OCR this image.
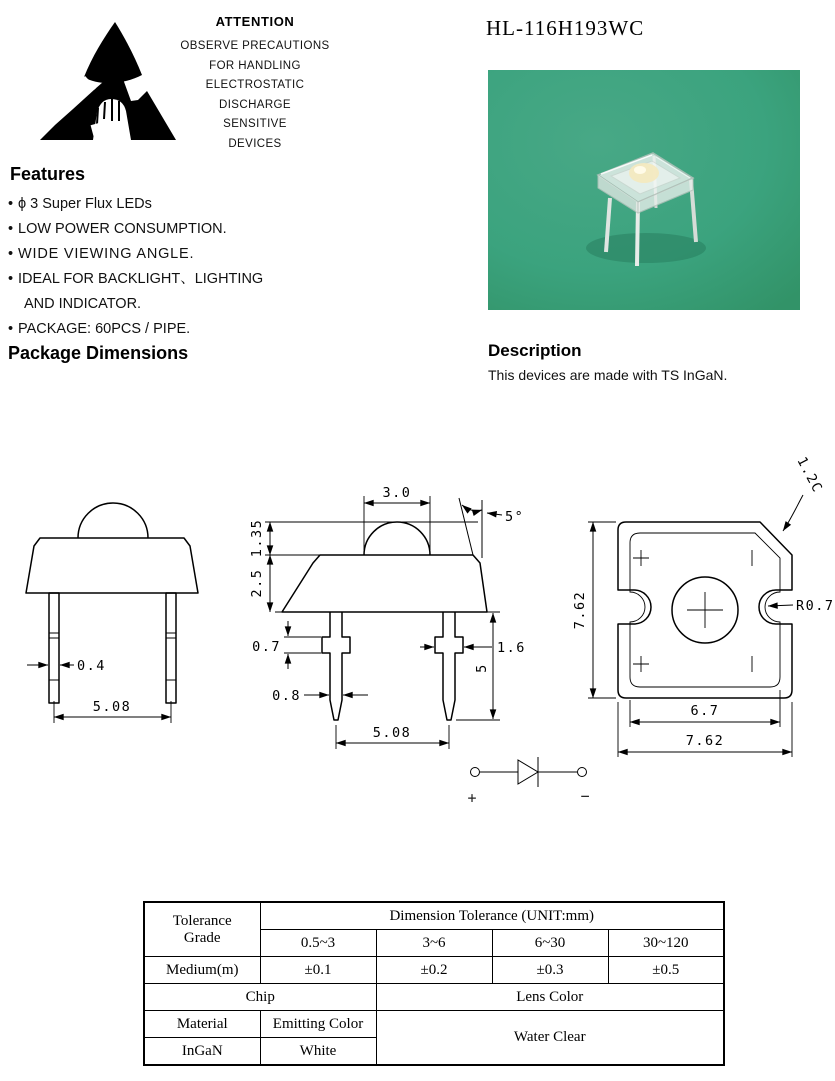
ATTENTION
OBSERVE PRECAUTIONS
FOR HANDLING
ELECTROSTATIC
DISCHARGE
SENSITIVE
DEVICES
Features
• ϕ 3 Super Flux LEDs
• LOW POWER CONSUMPTION.
• WIDE VIEWING ANGLE.
• IDEAL FOR BACKLIGHT、LIGHTING
AND INDICATOR.
• PACKAGE: 60PCS / PIPE.
Package Dimensions
HL-116H193WC
Description

This devices are made with TS InGaN.

0.4
5.08
3.0
5°
1.35
2.5
0.7	1.6
0.8
5
5.08
7.62
6.7
7.62
R0.7
1.2C
+	−
Tolerance
Grade	Dimension Tolerance (UNIT:mm)			
	0.5~3	3~6	6~30	30~120
Medium(m)	±0.1	±0.2	±0.3	±0.5
Chip		Lens Color		
Material	Emitting Color	Water Clear		
InGaN	White			
